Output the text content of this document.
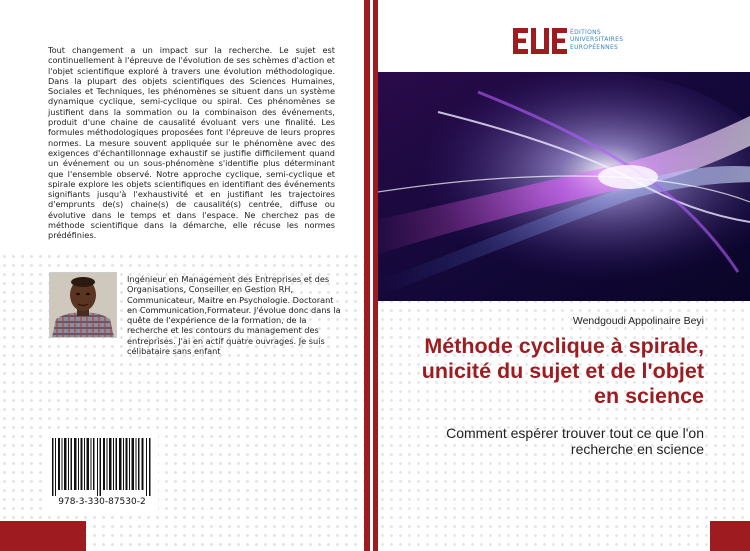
Tout changement a un impact sur la recherche. Le sujet est continuellement à l'épreuve de l'évolution de ses schèmes d'action et l'objet scientifique exploré à travers une évolution méthodologique. Dans la plupart des objets scientifiques des Sciences Humaines, Sociales et Techniques, les phénomènes se situent dans un système dynamique cyclique, semi-cyclique ou spiral. Ces phénomènes se justifient dans la sommation ou la combinaison des événements, produit d'une chaine de causalité évoluant vers une finalité. Les formules méthodologiques proposées font l'épreuve de leurs propres normes. La mesure souvent appliquée sur le phénomène avec des exigences d'échantillonnage exhaustif se justifie difficilement quand un événement ou un sous-phénomène s'identifie plus déterminant que l'ensemble observé. Notre approche cyclique, semi-cyclique et spirale explore les objets scientifiques en identifiant des événements signifiants jusqu'à l'exhaustivité et en justifiant les trajectoires d'emprunts de(s) chaine(s) de causalité(s) centrée, diffuse ou évolutive dans le temps et dans l'espace. Ne cherchez pas de méthode scientifique dans la démarche, elle récuse les normes prédéfinies.

Ingénieur en Management des Entreprises et des Organisations, Conseiller en Gestion RH, Communicateur, Maitre en Psychologie. Doctorant en Communication,Formateur. J'évolue donc dans la quête de l'expérience de la formation, de la recherche et les contours du management des entreprises. J'ai en actif quatre ouvrages. Je suis célibataire sans enfant

978-3-330-87530-2
ÉDITIONS
UNIVERSITAIRES
EUROPÉENNES
Wendgoudi Appolinaire Beyi
Méthode cyclique à spirale, unicité du sujet et de l'objet en science

Comment espérer trouver tout ce que l'on recherche en science
